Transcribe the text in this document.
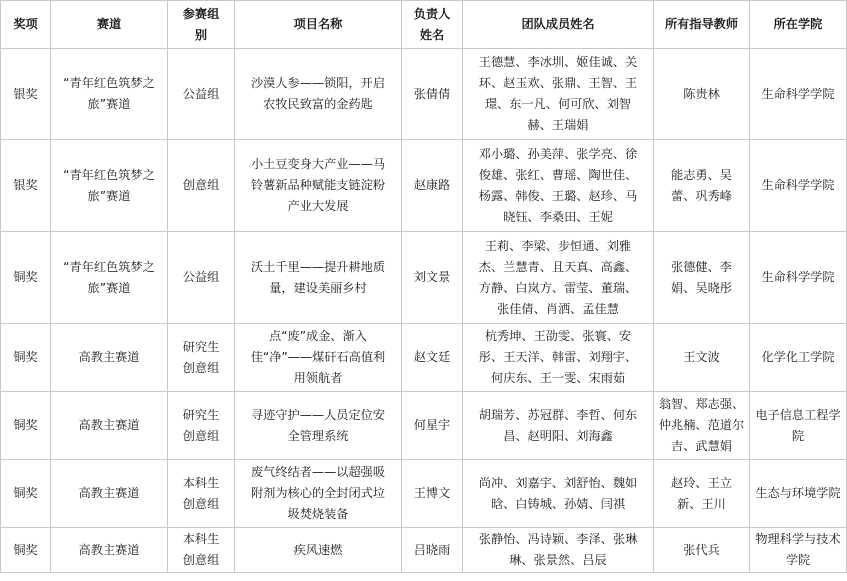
奖项	赛道	参赛组别	项目名称	负责人姓名	团队成员姓名	所有指导教师	所在学院
银奖	“青年红色筑梦之旅”赛道	公益组	沙漠人参——锁阳，开启农牧民致富的金药匙	张倩倩	王德慧、李冰圳、姬佳诚、关环、赵玉欢、张鼎、王智、王璟、东一凡、何可欣、刘智赫、王瑞娟	陈贵林	生命科学学院
银奖	“青年红色筑梦之旅”赛道	创意组	小土豆变身大产业——马铃薯新品种赋能支链淀粉产业大发展	赵康路	邓小璐、孙美萍、张学亮、徐俊雄、张红、曹瑶、陶世佳、杨露、韩俊、王璐、赵珍、马晓钰、李桑田、王妮	能志勇、吴蕾、巩秀峰	生命科学学院
铜奖	“青年红色筑梦之旅”赛道	公益组	沃土千里——提升耕地质量，建设美丽乡村	刘文景	王莉、李梁、步恒通、刘雅杰、兰慧青、且天真、高鑫、方静、白岚方、雷莹、董瑞、张佳倩、肖洒、孟佳慧	张德健、李娟、吴晓彤	生命科学学院
铜奖	高教主赛道	研究生创意组	点“废”成金、渐入佳“净”——煤矸石高值利用领航者	赵文廷	杭秀坤、王劭雯、张寰、安彤、王天洋、韩雷、刘翔宇、何庆东、王一雯、宋雨茹	王文波	化学化工学院
铜奖	高教主赛道	研究生创意组	寻迹守护——人员定位安全管理系统	何星宇	胡瑞芳、苏冠群、李哲、何东昌、赵明阳、刘海鑫	翁智、郑志强、仲兆楠、范道尔吉、武慧娟	电子信息工程学院
铜奖	高教主赛道	本科生创意组	废气终结者——以超强吸附剂为核心的全封闭式垃圾焚烧装备	王博文	尚冲、刘嘉宇、刘舒怡、魏如晗、白铸城、孙婧、闫祺	赵玲、王立新、王川	生态与环境学院
铜奖	高教主赛道	本科生创意组	疾风速燃	吕晓雨	张静怡、冯诗颖、李泽、张琳琳、张景然、吕辰	张代兵	物理科学与技术学院
